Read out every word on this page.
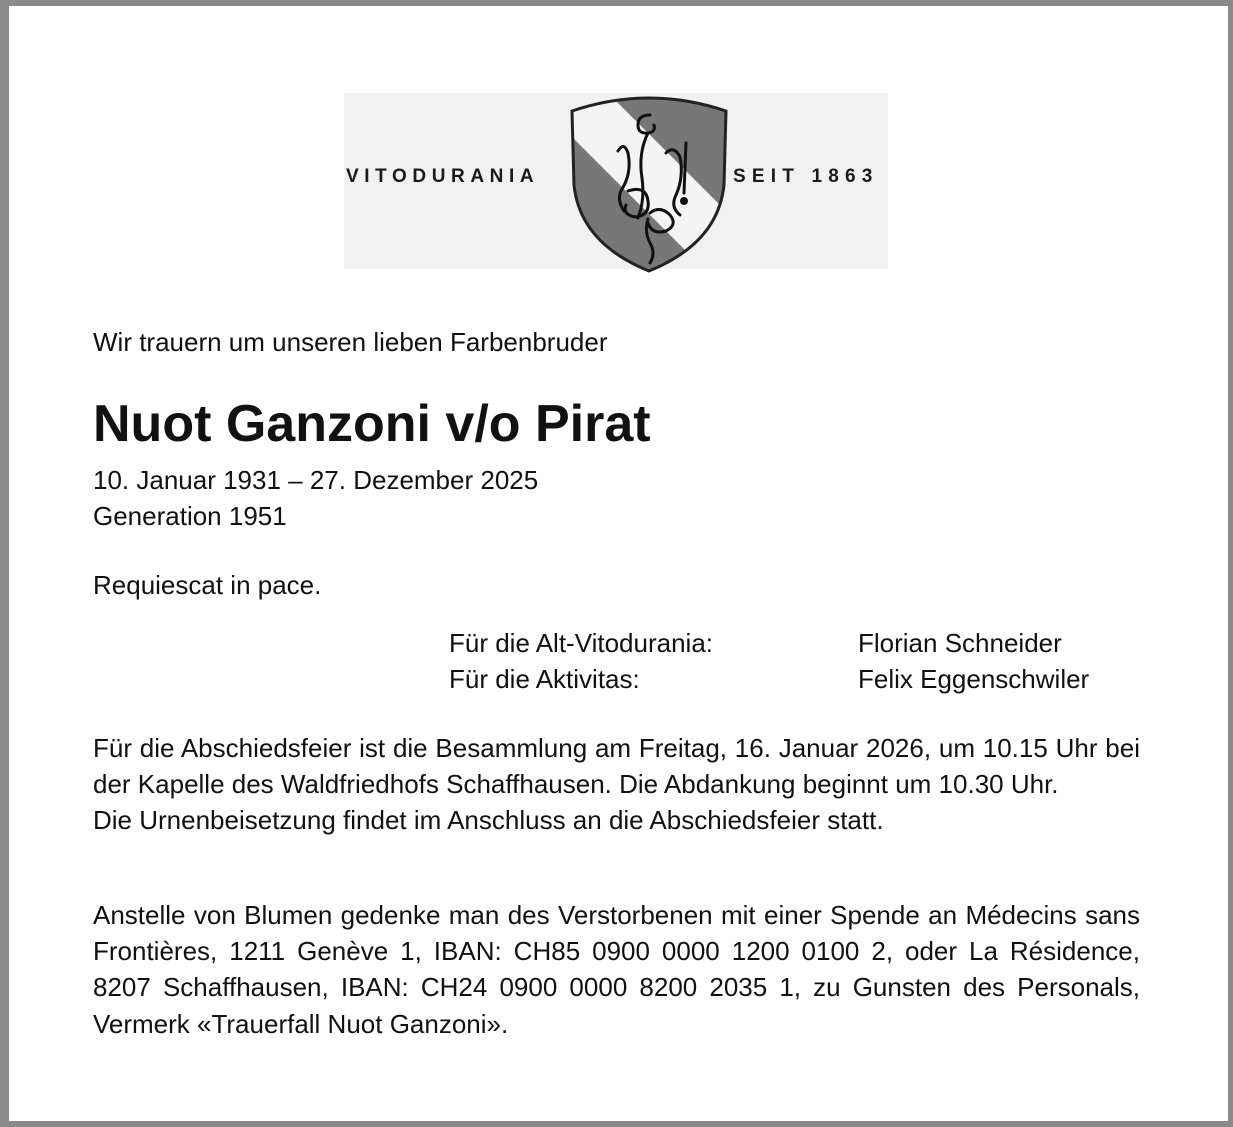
VITODURANIA	SEIT 1863
Wir trauern um unseren lieben Farbenbruder
Nuot Ganzoni v/o Pirat
10. Januar 1931 – 27. Dezember 2025
Generation 1951
Requiescat in pace.
Für die Alt-Vitodurania:	Florian Schneider
Für die Aktivitas:	Felix Eggenschwiler

Für die Abschiedsfeier ist die Besammlung am Freitag, 16. Januar 2026, um 10.15 Uhr bei der Kapelle des Waldfriedhofs Schaffhausen. Die Abdankung beginnt um 10.30 Uhr.
Die Urnenbeisetzung findet im Anschluss an die Abschiedsfeier statt.

Anstelle von Blumen gedenke man des Verstorbenen mit einer Spende an Médecins sans Frontières, 1211 Genève 1, IBAN: CH85 0900 0000 1200 0100 2, oder La Résidence, 8207 Schaffhausen, IBAN: CH24 0900 0000 8200 2035 1, zu Gunsten des Personals, Vermerk «Trauerfall Nuot Ganzoni».
